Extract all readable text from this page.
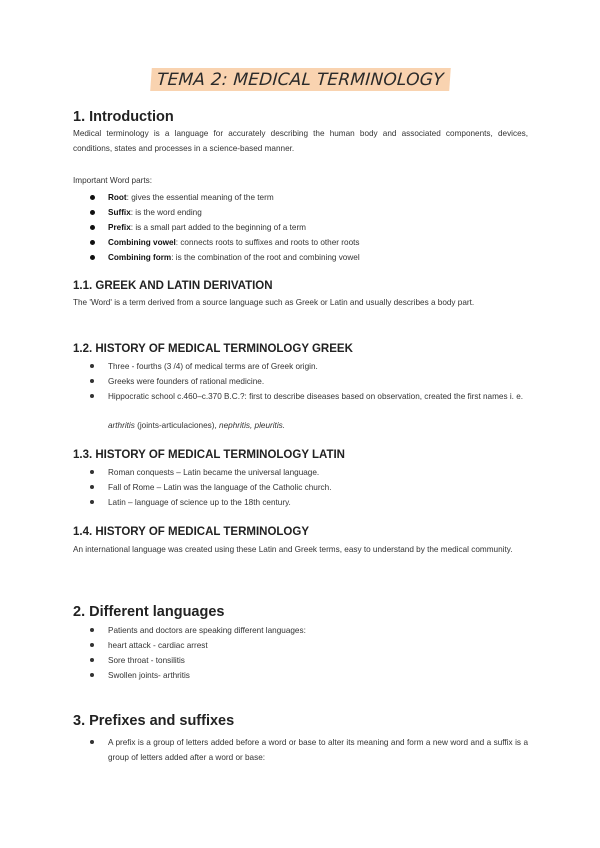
TEMA 2: MEDICAL TERMINOLOGY
1. Introduction
Medical terminology is a language for accurately describing the human body and associated components, devices, conditions, states and processes in a science-based manner.
Important Word parts:
Root: gives the essential meaning of the term
Suffix: is the word ending
Prefix: is a small part added to the beginning of a term
Combining vowel: connects roots to suffixes and roots to other roots
Combining form: is the combination of the root and combining vowel
1.1. GREEK AND LATIN DERIVATION
The 'Word' is a term derived from a source language such as Greek or Latin and usually describes a body part.
1.2. HISTORY OF MEDICAL TERMINOLOGY GREEK
Three - fourths (3 /4) of medical terms are of Greek origin.
Greeks were founders of rational medicine.
Hippocratic school c.460–c.370 B.C.?: first to describe diseases based on observation, created the first names i. e.
arthritis (joints-articulaciones), nephritis, pleuritis.
1.3. HISTORY OF MEDICAL TERMINOLOGY LATIN
Roman conquests – Latin became the universal language.
Fall of Rome – Latin was the language of the Catholic church.
Latin – language of science up to the 18th century.
1.4. HISTORY OF MEDICAL TERMINOLOGY
An international language was created using these Latin and Greek terms, easy to understand by the medical community.
2. Different languages
Patients and doctors are speaking different languages:
heart attack - cardiac arrest
Sore throat - tonsilitis
Swollen joints- arthritis
3. Prefixes and suffixes
A prefix is a group of letters added before a word or base to alter its meaning and form a new word and a suffix is a group of letters added after a word or base:
